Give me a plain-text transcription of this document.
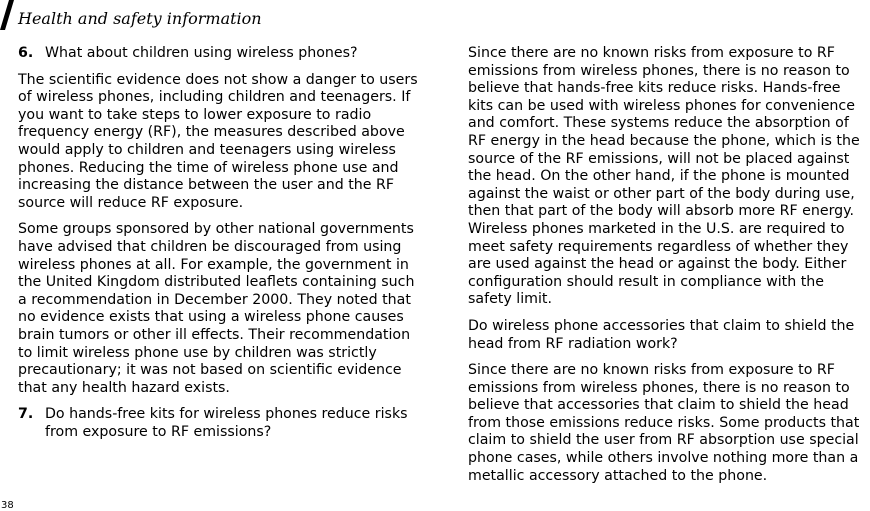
Health and safety information
6. What about children using wireless phones?

The scientific evidence does not show a danger to users of wireless phones, including children and teenagers. If you want to take steps to lower exposure to radio frequency energy (RF), the measures described above would apply to children and teenagers using wireless phones. Reducing the time of wireless phone use and increasing the distance between the user and the RF source will reduce RF exposure.

Some groups sponsored by other national governments have advised that children be discouraged from using wireless phones at all. For example, the government in the United Kingdom distributed leaflets containing such a recommendation in December 2000. They noted that no evidence exists that using a wireless phone causes brain tumors or other ill effects. Their recommendation to limit wireless phone use by children was strictly precautionary; it was not based on scientific evidence that any health hazard exists.

7. Do hands-free kits for wireless phones reduce risks from exposure to RF emissions?

Since there are no known risks from exposure to RF emissions from wireless phones, there is no reason to believe that hands-free kits reduce risks. Hands-free kits can be used with wireless phones for convenience and comfort. These systems reduce the absorption of RF energy in the head because the phone, which is the source of the RF emissions, will not be placed against the head. On the other hand, if the phone is mounted against the waist or other part of the body during use, then that part of the body will absorb more RF energy. Wireless phones marketed in the U.S. are required to meet safety requirements regardless of whether they are used against the head or against the body. Either configuration should result in compliance with the safety limit.

Do wireless phone accessories that claim to shield the head from RF radiation work?

Since there are no known risks from exposure to RF emissions from wireless phones, there is no reason to believe that accessories that claim to shield the head from those emissions reduce risks. Some products that claim to shield the user from RF absorption use special phone cases, while others involve nothing more than a metallic accessory attached to the phone.

38
